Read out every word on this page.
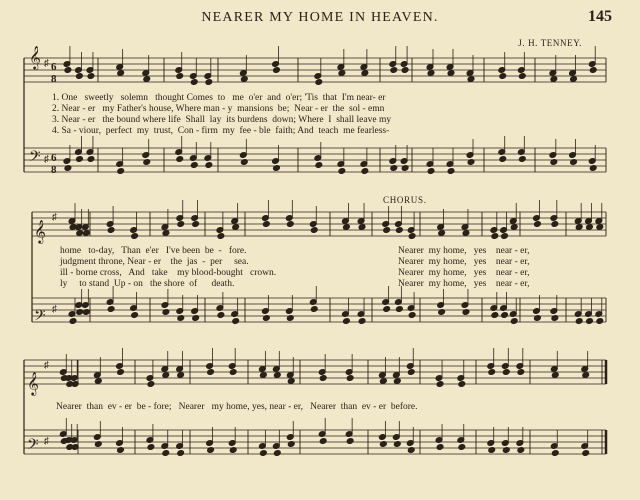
NEARER MY HOME IN HEAVEN.	145
J. H. TENNEY.
CHORUS.
♯
♯
♯
♯
♯
♯
𝄞
𝄢
6
8
6
8
𝄞
𝄢
𝄞
𝄢
1. One   sweetly   solemn   thought Comes  to   me  o'er  and  o'er; 'Tis  that  I'm near- er
2. Near - er   my Father's house, Where man - y  mansions  be;  Near - er  the  sol - emn
3. Near - er   the bound where life  Shall  lay  its burdens  down; Where  I  shall leave my
4. Sa - viour,  perfect  my  trust,  Con - firm  my  fee - ble  faith; And  teach  me fearless-
home   to-day,   Than  e'er   I've been  be  -   fore.
judgment throne, Near - er    the  jas  -  per     sea.
ill - borne cross,   And   take    my blood-bought   crown.
ly     to stand  Up - on   the shore  of      death.
Nearer  my home,   yes    near - er,
Nearer  my home,   yes    near - er,
Nearer  my home,   yes    near - er,
Nearer  my home,   yes    near - er,
Nearer  than  ev - er  be - fore;   Nearer   my home, yes, near - er,   Nearer  than  ev - er  before.
